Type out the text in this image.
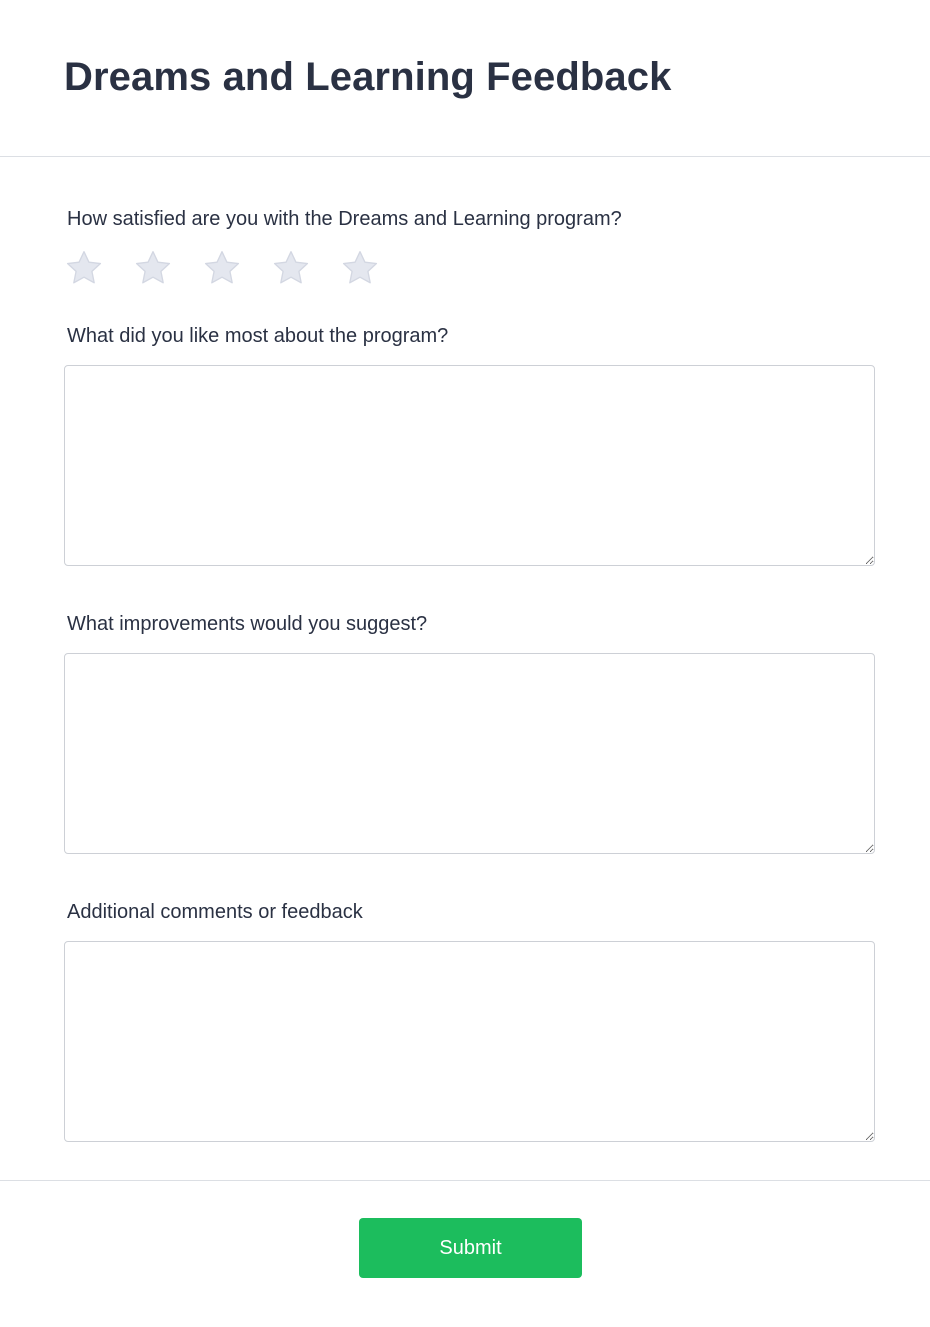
Dreams and Learning Feedback
How satisfied are you with the Dreams and Learning program?
What did you like most about the program?
What improvements would you suggest?
Additional comments or feedback
Submit
